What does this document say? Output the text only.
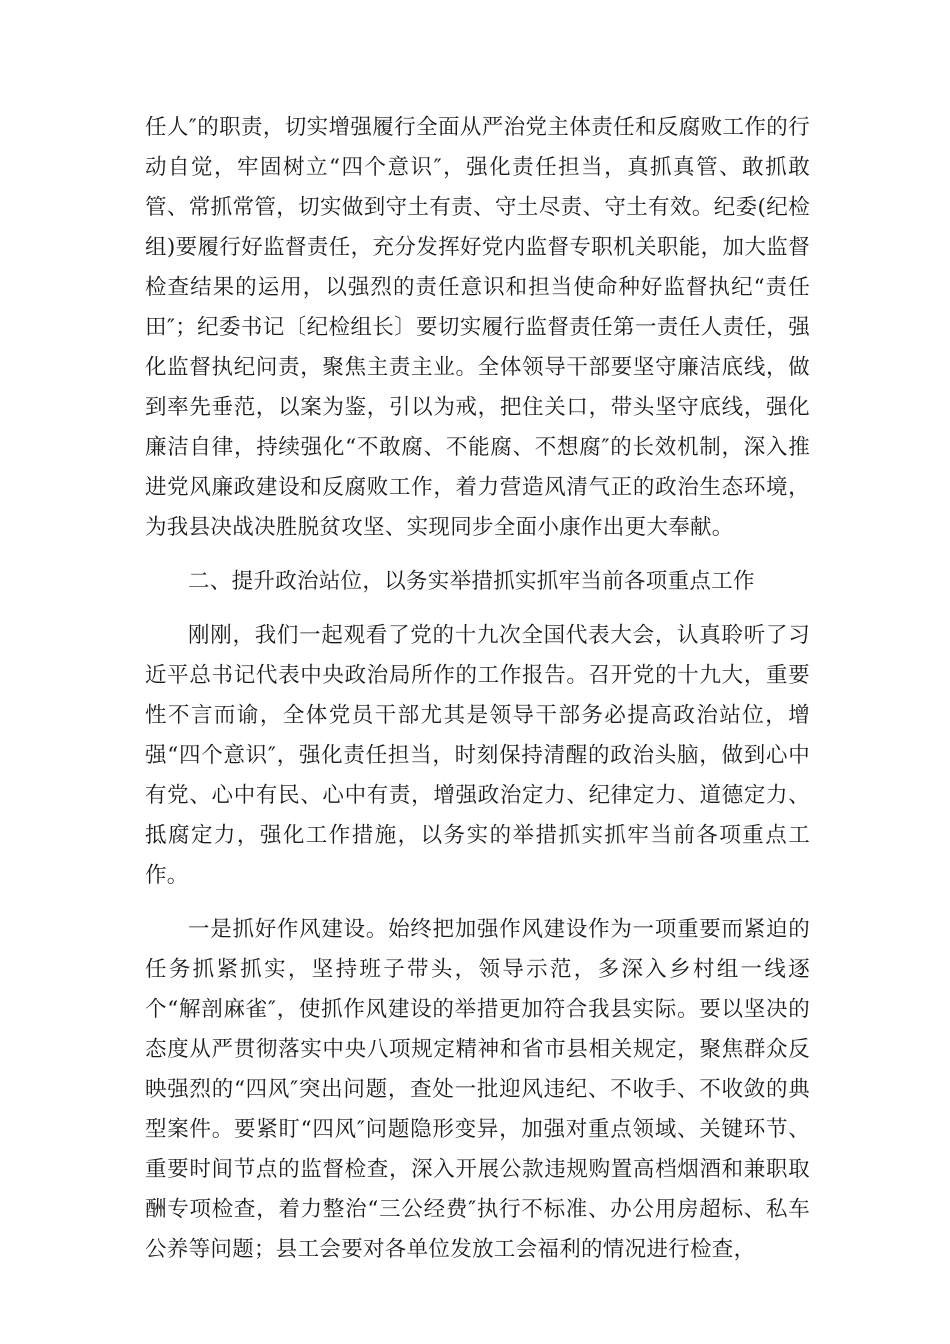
任人″的职责，切实增强履行全面从严治党主体责任和反腐败工作的行动自觉，牢固树立“四个意识″，强化责任担当，真抓真管、敢抓敢管、常抓常管，切实做到守土有责、守土尽责、守土有效。纪委(纪检组)要履行好监督责任，充分发挥好党内监督专职机关职能，加大监督检查结果的运用，以强烈的责任意识和担当使命种好监督执纪“责任田″；纪委书记〔纪检组长〕要切实履行监督责任第一责任人责任，强化监督执纪问责，聚焦主责主业。全体领导干部要坚守廉洁底线，做到率先垂范，以案为鉴，引以为戒，把住关口，带头坚守底线，强化廉洁自律，持续强化“不敢腐、不能腐、不想腐″的长效机制，深入推进党风廉政建设和反腐败工作，着力营造风清气正的政治生态环境，为我县决战决胜脱贫攻坚、实现同步全面小康作出更大奉献。

二、提升政治站位，以务实举措抓实抓牢当前各项重点工作

刚刚，我们一起观看了党的十九次全国代表大会，认真聆听了习近平总书记代表中央政治局所作的工作报告。召开党的十九大，重要性不言而谕，全体党员干部尤其是领导干部务必提高政治站位，增强“四个意识″，强化责任担当，时刻保持清醒的政治头脑，做到心中有党、心中有民、心中有责，增强政治定力、纪律定力、道德定力、抵腐定力，强化工作措施，以务实的举措抓实抓牢当前各项重点工作。

一是抓好作风建设。始终把加强作风建设作为一项重要而紧迫的任务抓紧抓实，坚持班子带头，领导示范，多深入乡村组一线逐个“解剖麻雀″，使抓作风建设的举措更加符合我县实际。要以坚决的态度从严贯彻落实中央八项规定精神和省市县相关规定，聚焦群众反映强烈的“四风″突出问题，查处一批迎风违纪、不收手、不收敛的典型案件。要紧盯“四风″问题隐形变异，加强对重点领域、关键环节、重要时间节点的监督检查，深入开展公款违规购置高档烟酒和兼职取酬专项检查，着力整治“三公经费″执行不标准、办公用房超标、私车公养等问题；县工会要对各单位发放工会福利的情况进行检查，
